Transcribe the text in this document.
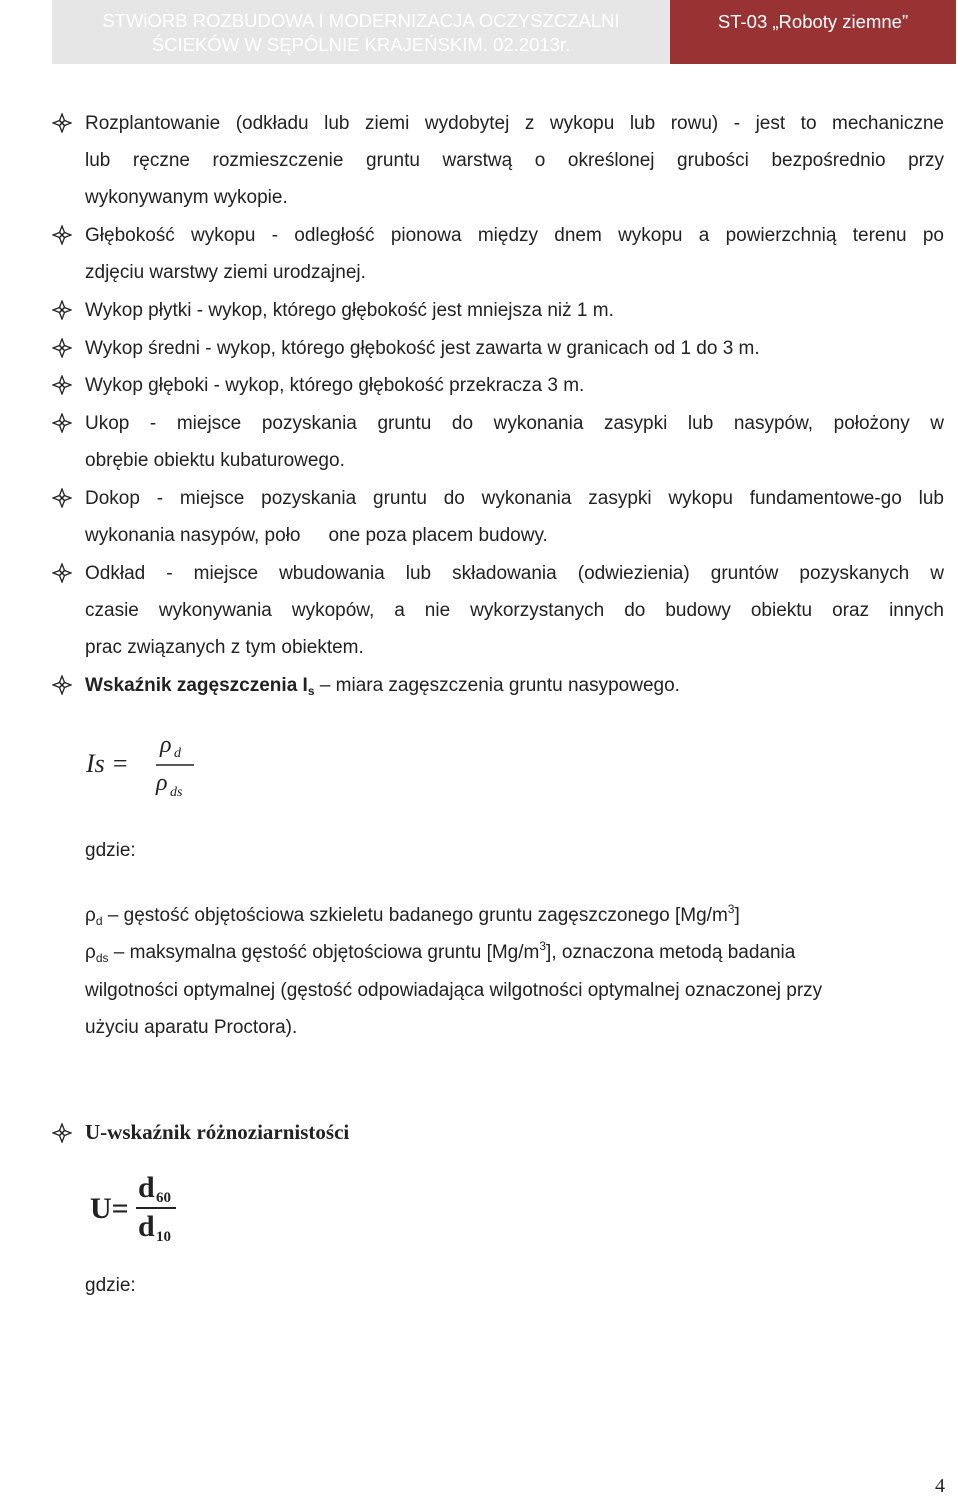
STWiORB ROZBUDOWA I MODERNIZACJA OCZYSZCZALNI
ŚCIEKÓW W SĘPÓLNIE KRAJEŃSKIM. 02.2013r.
ST-03 „Roboty ziemne”
Rozplantowanie (odkładu lub ziemi wydobytej z wykopu lub rowu) - jest to mechaniczne
lub ręczne rozmieszczenie gruntu warstwą o określonej grubości bezpośrednio przy
wykonywanym wykopie.
Głębokość wykopu - odległość pionowa między dnem wykopu a powierzchnią terenu po
zdjęciu warstwy ziemi urodzajnej.
Wykop płytki - wykop, którego głębokość jest mniejsza niż 1 m.
Wykop średni - wykop, którego głębokość jest zawarta w granicach od 1 do 3 m.
Wykop głęboki - wykop, którego głębokość przekracza 3 m.
Ukop - miejsce pozyskania gruntu do wykonania zasypki lub nasypów, położony w
obrębie obiektu kubaturowego.
Dokop - miejsce pozyskania gruntu do wykonania zasypki wykopu fundamentowe-go lub
wykonania nasypów, poło one poza placem budowy.
Odkład - miejsce wbudowania lub składowania (odwiezienia) gruntów pozyskanych w
czasie wykonywania wykopów, a nie wykorzystanych do budowy obiektu oraz innych
prac związanych z tym obiektem.
Wskaźnik zagęszczenia $I_s$ – miara zagęszczenia gruntu nasypowego.
Is =
ρ d
ρ ds
gdzie:
$\rho_d$ – gęstość objętościowa szkieletu badanego gruntu zagęszczonego $[Mg/m^3]$
$\rho_{ds}$ – maksymalna gęstość objętościowa gruntu $[Mg/m^3]$, oznaczona metodą badania
wilgotności optymalnej (gęstość odpowiadająca wilgotności optymalnej oznaczonej przy
użyciu aparatu Proctora).
U-wskaźnik różnoziarnistości
U=
d 60
d 10
gdzie:
4
